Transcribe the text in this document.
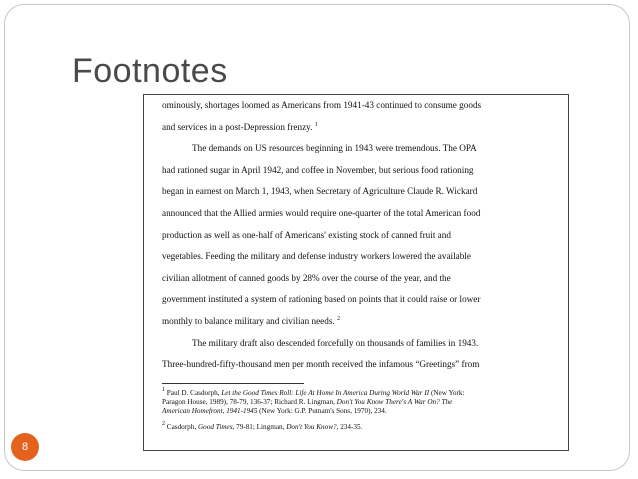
Footnotes
ominously, shortages loomed as Americans from 1941-43 continued to consume goods
and services in a post-Depression frenzy. $^1$
The demands on US resources beginning in 1943 were tremendous. The OPA
had rationed sugar in April 1942, and coffee in November, but serious food rationing
began in earnest on March 1, 1943, when Secretary of Agriculture Claude R. Wickard
announced that the Allied armies would require one-quarter of the total American food
production as well as one-half of Americans' existing stock of canned fruit and
vegetables. Feeding the military and defense industry workers lowered the available
civilian allotment of canned goods by 28% over the course of the year, and the
government instituted a system of rationing based on points that it could raise or lower
monthly to balance military and civilian needs. $^2$
The military draft also descended forcefully on thousands of families in 1943.
Three-hundred-fifty-thousand men per month received the infamous “Greetings” from
$^1$ Paul D. Casdorph, Let the Good Times Roll: Life At Home In America During World War II (New York:
Paragon House, 1989), 78-79, 136-37; Richard R. Lingman, Don't You Know There's A War On? The
American Homefront, 1941-1945 (New York: G.P. Putnam's Sons, 1970), 234.
$^2$ Casdorph, Good Times, 79-81; Lingman, Don't You Know?, 234-35.
8
